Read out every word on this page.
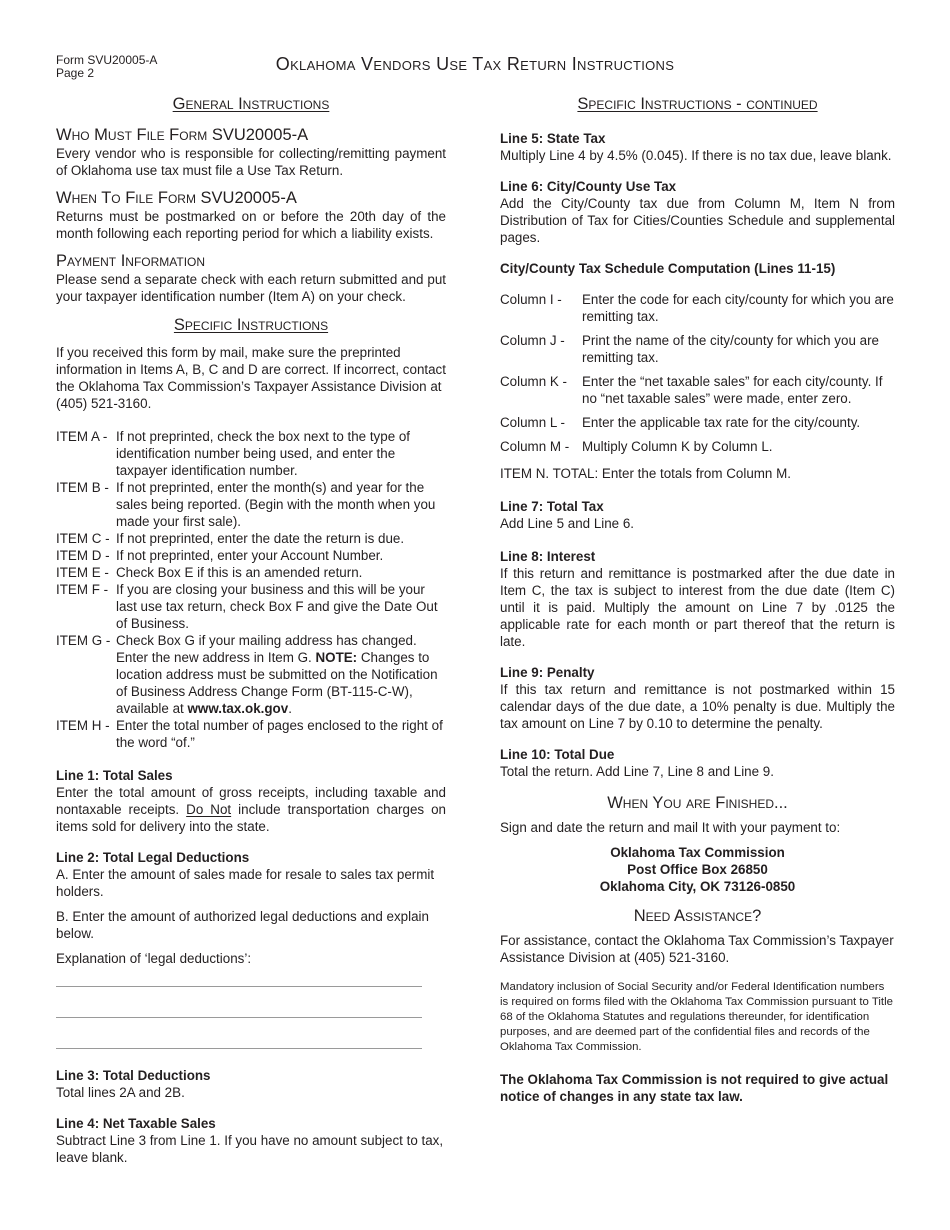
Form SVU20005-A
Page 2	Oklahoma Vendors Use Tax Return Instructions
General Instructions
Who Must File Form SVU20005-A

Every vendor who is responsible for collecting/remitting payment of Oklahoma use tax must file a Use Tax Return.

When To File Form SVU20005-A

Returns must be postmarked on or before the 20th day of the month following each reporting period for which a liability exists.

Payment Information

Please send a separate check with each return submitted and put your taxpayer identification number (Item A) on your check.

Specific Instructions

If you received this form by mail, make sure the preprinted information in Items A, B, C and D are correct. If incorrect, contact the Oklahoma Tax Commission’s Taxpayer Assistance Division at (405) 521-3160.

ITEM A - If not preprinted, check the box next to the type of identification number being used, and enter the taxpayer identification number.
ITEM B - If not preprinted, enter the month(s) and year for the sales being reported. (Begin with the month when you made your first sale).
ITEM C - If not preprinted, enter the date the return is due.
ITEM D - If not preprinted, enter your Account Number.
ITEM E - Check Box E if this is an amended return.
ITEM F - If you are closing your business and this will be your last use tax return, check Box F and give the Date Out of Business.
ITEM G - Check Box G if your mailing address has changed. Enter the new address in Item G. NOTE: Changes to location address must be submitted on the Notification of Business Address Change Form (BT-115-C-W), available at www.tax.ok.gov.
ITEM H - Enter the total number of pages enclosed to the right of the word “of.”

Line 1: Total Sales

Enter the total amount of gross receipts, including taxable and nontaxable receipts. Do Not include transportation charges on items sold for delivery into the state.

Line 2: Total Legal Deductions

A. Enter the amount of sales made for resale to sales tax permit holders.

B. Enter the amount of authorized legal deductions and explain below.

Explanation of ‘legal deductions’:

Line 3: Total Deductions

Total lines 2A and 2B.

Line 4: Net Taxable Sales

Subtract Line 3 from Line 1. If you have no amount subject to tax, leave blank.

Specific Instructions - continued

Line 5: State Tax

Multiply Line 4 by 4.5% (0.045). If there is no tax due, leave blank.

Line 6: City/County Use Tax

Add the City/County tax due from Column M, Item N from Distribution of Tax for Cities/Counties Schedule and supplemental pages.

City/County Tax Schedule Computation (Lines 11-15)

Column I -	Enter the code for each city/county for which you are remitting tax.
Column J -	Print the name of the city/county for which you are remitting tax.
Column K -	Enter the “net taxable sales” for each city/county. If no “net taxable sales” were made, enter zero.
Column L -	Enter the applicable tax rate for the city/county.
Column M - Multiply Column K by Column L.

ITEM N. TOTAL: Enter the totals from Column M.

Line 7: Total Tax

Add Line 5 and Line 6.

Line 8: Interest

If this return and remittance is postmarked after the due date in Item C, the tax is subject to interest from the due date (Item C) until it is paid. Multiply the amount on Line 7 by .0125 the applicable rate for each month or part thereof that the return is late.

Line 9: Penalty

If this tax return and remittance is not postmarked within 15 calendar days of the due date, a 10% penalty is due. Multiply the tax amount on Line 7 by 0.10 to determine the penalty.

Line 10: Total Due

Total the return. Add Line 7, Line 8 and Line 9.

When You are Finished...

Sign and date the return and mail It with your payment to:

Oklahoma Tax Commission
Post Office Box 26850
Oklahoma City, OK 73126-0850
Need Assistance?

For assistance, contact the Oklahoma Tax Commission’s Taxpayer Assistance Division at (405) 521-3160.

Mandatory inclusion of Social Security and/or Federal Identification numbers is required on forms filed with the Oklahoma Tax Commission pursuant to Title 68 of the Oklahoma Statutes and regulations thereunder, for identification purposes, and are deemed part of the confidential files and records of the Oklahoma Tax Commission.

The Oklahoma Tax Commission is not required to give actual notice of changes in any state tax law.
